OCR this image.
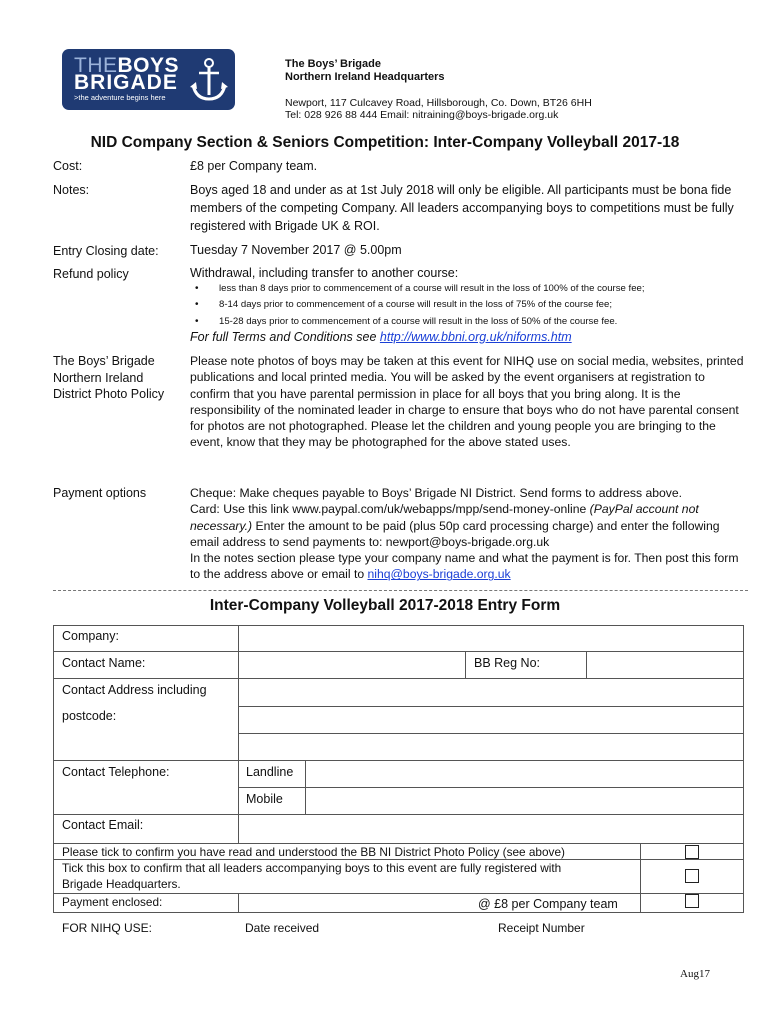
THEBOYS
BRIGADE
>the adventure begins here
The Boys’ Brigade
Northern Ireland Headquarters
Newport, 117 Culcavey Road, Hillsborough, Co. Down, BT26 6HH
Tel: 028 926 88 444 Email: nitraining@boys-brigade.org.uk
NID Company Section & Seniors Competition: Inter-Company Volleyball 2017-18
Cost:	£8 per Company team.
Notes:	Boys aged 18 and under as at 1st July 2018 will only be eligible. All participants must be bona fide members of the competing Company. All leaders accompanying boys to competitions must be fully registered with Brigade UK & ROI.
Entry Closing date:	Tuesday 7 November 2017 @ 5.00pm
Refund policy	Withdrawal, including transfer to another course:
• less than 8 days prior to commencement of a course will result in the loss of 100% of the course fee;
• 8-14 days prior to commencement of a course will result in the loss of 75% of the course fee;
• 15-28 days prior to commencement of a course will result in the loss of 50% of the course fee.
For full Terms and Conditions see http://www.bbni.org.uk/niforms.htm
The Boys’ Brigade
Northern Ireland
District Photo Policy
Please note photos of boys may be taken at this event for NIHQ use on social media, websites, printed publications and local printed media. You will be asked by the event organisers at registration to confirm that you have parental permission in place for all boys that you bring along. It is the responsibility of the nominated leader in charge to ensure that boys who do not have parental consent for photos are not photographed. Please let the children and young people you are bringing to the event, know that they may be photographed for the above stated uses.
Payment options	Cheque: Make cheques payable to Boys’ Brigade NI District. Send forms to address above.
Card: Use this link www.paypal.com/uk/webapps/mpp/send-money-online (PayPal account not necessary.) Enter the amount to be paid (plus 50p card processing charge) and enter the following email address to send payments to: newport@boys-brigade.org.uk
In the notes section please type your company name and what the payment is for. Then post this form to the address above or email to nihq@boys-brigade.org.uk
Inter-Company Volleyball 2017-2018 Entry Form
Company:
Contact Name:	BB Reg No:
Contact Address including
postcode:
Contact Telephone:	Landline
Mobile
Contact Email:
Please tick to confirm you have read and understood the BB NI District Photo Policy (see above)
Tick this box to confirm that all leaders accompanying boys to this event are fully registered with
Brigade Headquarters.
Payment enclosed:	@ £8 per Company team
FOR NIHQ USE:	Date received	Receipt Number
Aug17
